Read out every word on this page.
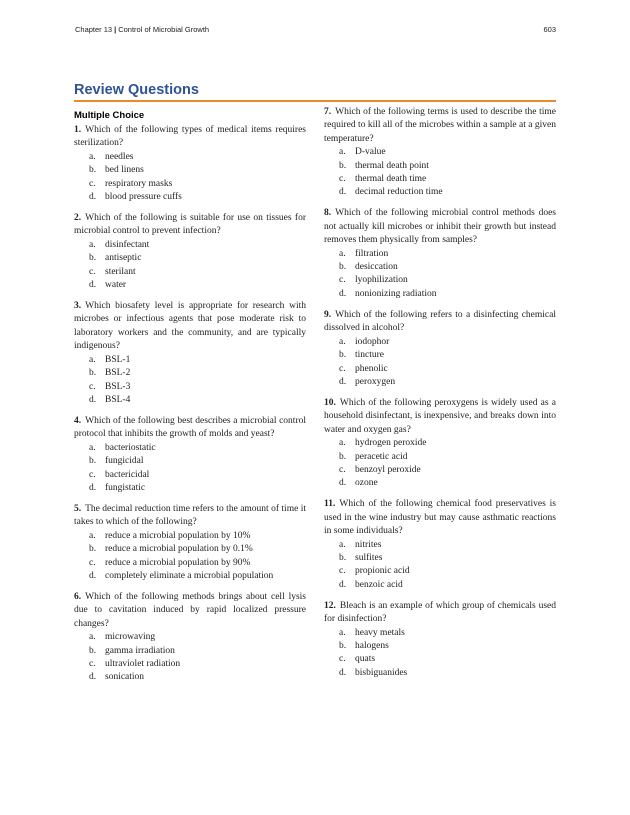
Chapter 13 | Control of Microbial Growth	603
Review Questions
Multiple Choice
1. Which of the following types of medical items requires sterilization?
a. needles
b. bed linens
c. respiratory masks
d. blood pressure cuffs
2. Which of the following is suitable for use on tissues for microbial control to prevent infection?
a. disinfectant
b. antiseptic
c. sterilant
d. water
3. Which biosafety level is appropriate for research with microbes or infectious agents that pose moderate risk to laboratory workers and the community, and are typically indigenous?
a. BSL-1
b. BSL-2
c. BSL-3
d. BSL-4
4. Which of the following best describes a microbial control protocol that inhibits the growth of molds and yeast?
a. bacteriostatic
b. fungicidal
c. bactericidal
d. fungistatic
5. The decimal reduction time refers to the amount of time it takes to which of the following?
a. reduce a microbial population by 10%
b. reduce a microbial population by 0.1%
c. reduce a microbial population by 90%
d. completely eliminate a microbial population
6. Which of the following methods brings about cell lysis due to cavitation induced by rapid localized pressure changes?
a. microwaving
b. gamma irradiation
c. ultraviolet radiation
d. sonication
7. Which of the following terms is used to describe the time required to kill all of the microbes within a sample at a given temperature?
a. D-value
b. thermal death point
c. thermal death time
d. decimal reduction time
8. Which of the following microbial control methods does not actually kill microbes or inhibit their growth but instead removes them physically from samples?
a. filtration
b. desiccation
c. lyophilization
d. nonionizing radiation
9. Which of the following refers to a disinfecting chemical dissolved in alcohol?
a. iodophor
b. tincture
c. phenolic
d. peroxygen
10. Which of the following peroxygens is widely used as a household disinfectant, is inexpensive, and breaks down into water and oxygen gas?
a. hydrogen peroxide
b. peracetic acid
c. benzoyl peroxide
d. ozone
11. Which of the following chemical food preservatives is used in the wine industry but may cause asthmatic reactions in some individuals?
a. nitrites
b. sulfites
c. propionic acid
d. benzoic acid
12. Bleach is an example of which group of chemicals used for disinfection?
a. heavy metals
b. halogens
c. quats
d. bisbiguanides
